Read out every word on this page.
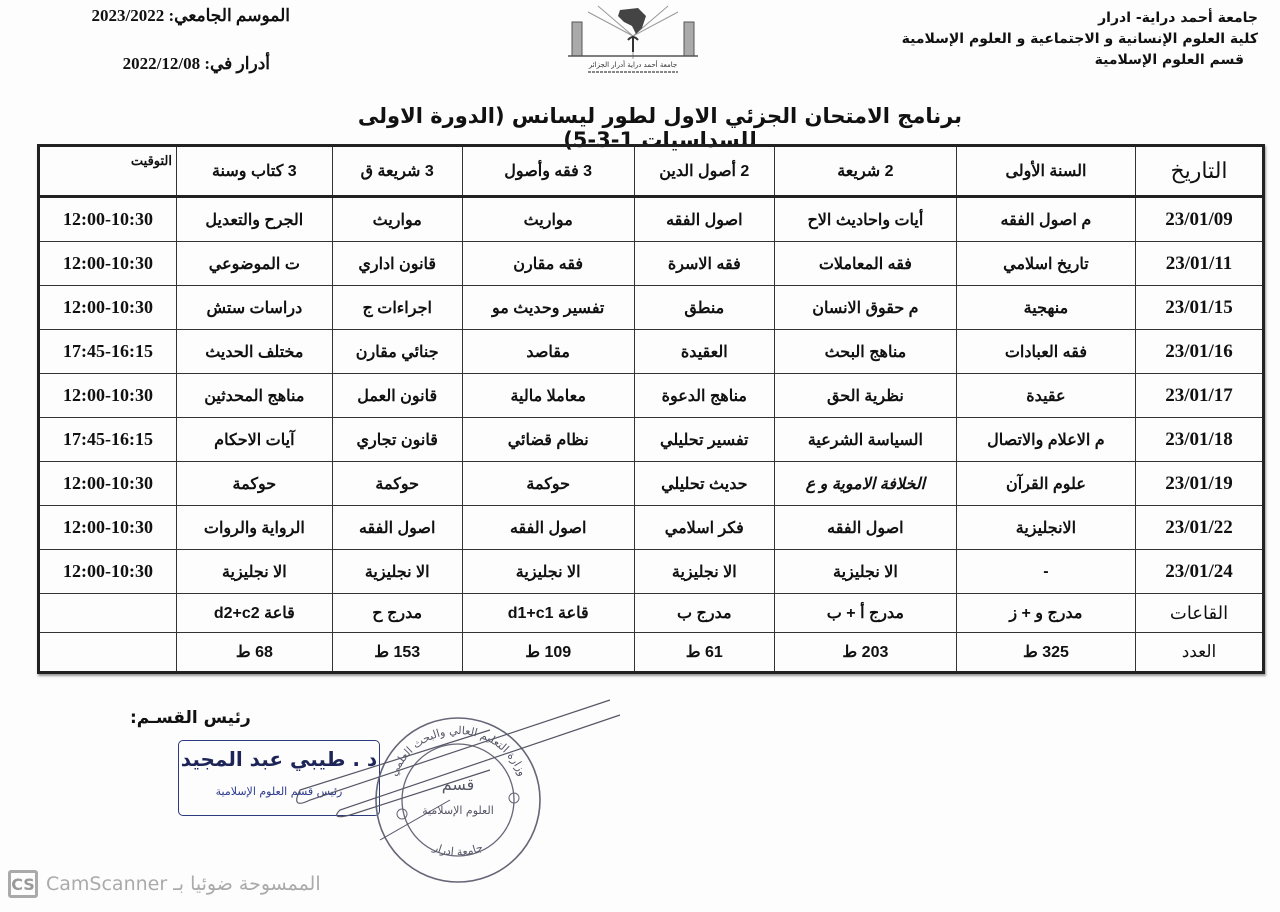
جامعة أحمد دراية- ادرار
كلية العلوم الإنسانية و الاجتماعية و العلوم الإسلامية
قسم العلوم الإسلامية
جامعة أحمد دراية أدرار الجزائر
الموسم الجامعي: 2023/2022
أدرار في: 2022/12/08
برنامج الامتحان الجزئي الاول لطور ليسانس (الدورة الاولى للسداسيات 1-3-5)
التاريخ	السنة الأولى	2 شريعة	2 أصول الدين	3 فقه وأصول	3 شريعة ق	3 كتاب وسنة	التوقيت
23/01/09	م اصول الفقه	أيات واحاديث الاح	اصول الفقه	مواريث	مواريث	الجرح والتعديل	12:00-10:30
23/01/11	تاريخ اسلامي	فقه المعاملات	فقه الاسرة	فقه مقارن	قانون اداري	ت الموضوعي	12:00-10:30
23/01/15	منهجية	م حقوق الانسان	منطق	تفسير وحديث مو	اجراءات ج	دراسات ستش	12:00-10:30
23/01/16	فقه العبادات	مناهج البحث	العقيدة	مقاصد	جنائي مقارن	مختلف الحديث	17:45-16:15
23/01/17	عقيدة	نظرية الحق	مناهج الدعوة	معاملا مالية	قانون العمل	مناهج المحدثين	12:00-10:30
23/01/18	م الاعلام والاتصال	السياسة الشرعية	تفسير تحليلي	نظام قضائي	قانون تجاري	آيات الاحكام	17:45-16:15
23/01/19	علوم القرآن	الخلافة الاموية و ع	حديث تحليلي	حوكمة	حوكمة	حوكمة	12:00-10:30
23/01/22	الانجليزية	اصول الفقه	فكر اسلامي	اصول الفقه	اصول الفقه	الرواية والروات	12:00-10:30
23/01/24	-	الا نجليزية	الا نجليزية	الا نجليزية	الا نجليزية	الا نجليزية	12:00-10:30
القاعات	مدرج و + ز	مدرج أ + ب	مدرج ب	قاعة d1+c1	مدرج ح	قاعة d2+c2	
العدد	325 ط	203 ط	61 ط	109 ط	153 ط	68 ط	
رئيس القسـم:
د . طيبي عبد المجيد
رئيس قسم العلوم الإسلامية
وزارة التعليم العالي والبحث العلمي
جامعة ادرار
قسم
العلوم الإسلامية
CS الممسوحة ضوئيا بـ CamScanner
